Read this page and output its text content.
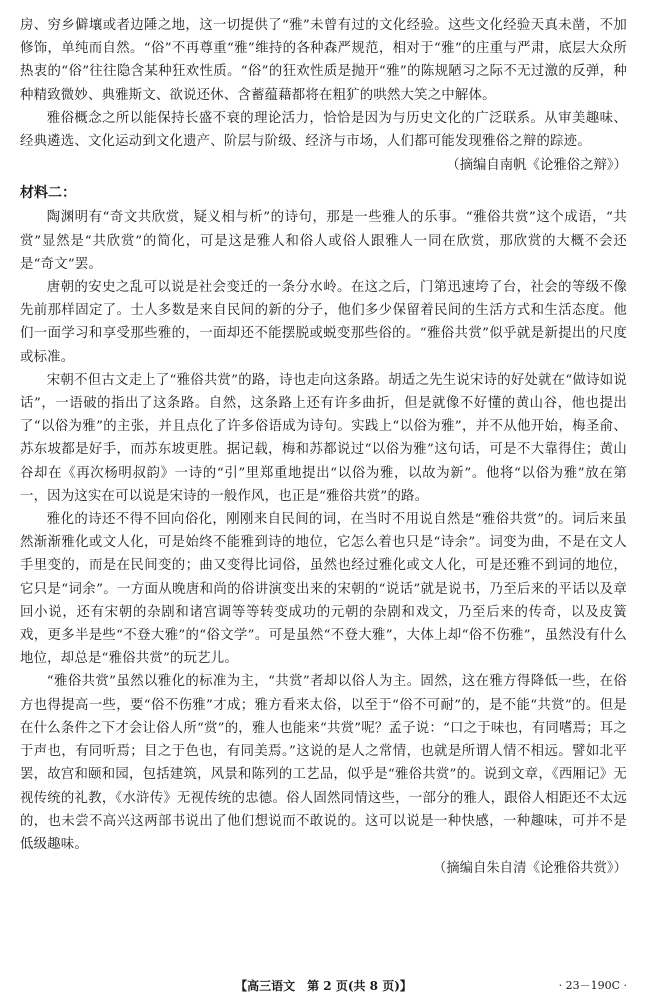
房、穷乡僻壤或者边陲之地，这一切提供了“雅”未曾有过的文化经验。这些文化经验天真未凿，不加修饰，单纯而自然。“俗”不再尊重“雅”维持的各种森严规范，相对于“雅”的庄重与严肃，底层大众所热衷的“俗”往往隐含某种狂欢性质。“俗”的狂欢性质是抛开“雅”的陈规陋习之际不无过激的反弹，种种精致微妙、典雅斯文、欲说还休、含蓄蕴藉都将在粗犷的哄然大笑之中解体。

雅俗概念之所以能保持长盛不衰的理论活力，恰恰是因为与历史文化的广泛联系。从审美趣味、经典遴选、文化运动到文化遗产、阶层与阶级、经济与市场，人们都可能发现雅俗之辩的踪迹。

（摘编自南帆《论雅俗之辩》）

材料二：

陶渊明有“奇文共欣赏，疑义相与析”的诗句，那是一些雅人的乐事。“雅俗共赏”这个成语，“共赏”显然是“共欣赏”的简化，可是这是雅人和俗人或俗人跟雅人一同在欣赏，那欣赏的大概不会还是“奇文”罢。

唐朝的安史之乱可以说是社会变迁的一条分水岭。在这之后，门第迅速垮了台，社会的等级不像先前那样固定了。士人多数是来自民间的新的分子，他们多少保留着民间的生活方式和生活态度。他们一面学习和享受那些雅的，一面却还不能摆脱或蜕变那些俗的。“雅俗共赏”似乎就是新提出的尺度或标准。

宋朝不但古文走上了“雅俗共赏”的路，诗也走向这条路。胡适之先生说宋诗的好处就在“做诗如说话”，一语破的指出了这条路。自然，这条路上还有许多曲折，但是就像不好懂的黄山谷，他也提出了“以俗为雅”的主张，并且点化了许多俗语成为诗句。实践上“以俗为雅”，并不从他开始，梅圣俞、苏东坡都是好手，而苏东坡更胜。据记载，梅和苏都说过“以俗为雅”这句话，可是不大靠得住；黄山谷却在《再次杨明叔韵》一诗的“引”里郑重地提出“以俗为雅，以故为新”。他将“以俗为雅”放在第一，因为这实在可以说是宋诗的一般作风，也正是“雅俗共赏”的路。

雅化的诗还不得不回向俗化，刚刚来自民间的词，在当时不用说自然是“雅俗共赏”的。词后来虽然渐渐雅化或文人化，可是始终不能雅到诗的地位，它怎么着也只是“诗余”。词变为曲，不是在文人手里变的，而是在民间变的；曲又变得比词俗，虽然也经过雅化或文人化，可是还雅不到词的地位，它只是“词余”。一方面从晚唐和尚的俗讲演变出来的宋朝的“说话”就是说书，乃至后来的平话以及章回小说，还有宋朝的杂剧和诸宫调等等转变成功的元朝的杂剧和戏文，乃至后来的传奇，以及皮簧戏，更多半是些“不登大雅”的“俗文学”。可是虽然“不登大雅”，大体上却“俗不伤雅”，虽然没有什么地位，却总是“雅俗共赏”的玩艺儿。

“雅俗共赏”虽然以雅化的标准为主，“共赏”者却以俗人为主。固然，这在雅方得降低一些，在俗方也得提高一些，要“俗不伤雅”才成；雅方看来太俗，以至于“俗不可耐”的，是不能“共赏”的。但是在什么条件之下才会让俗人所“赏”的，雅人也能来“共赏”呢？孟子说：“口之于味也，有同嗜焉；耳之于声也，有同听焉；目之于色也，有同美焉。”这说的是人之常情，也就是所谓人情不相远。譬如北平罢，故宫和颐和园，包括建筑，风景和陈列的工艺品，似乎是“雅俗共赏”的。说到文章，《西厢记》无视传统的礼教，《水浒传》无视传统的忠德。俗人固然同情这些，一部分的雅人，跟俗人相距还不太远的，也未尝不高兴这两部书说出了他们想说而不敢说的。这可以说是一种快感，一种趣味，可并不是低级趣味。

（摘编自朱自清《论雅俗共赏》）

【高三语文　第 2 页(共 8 页)】	· 23－190C ·
